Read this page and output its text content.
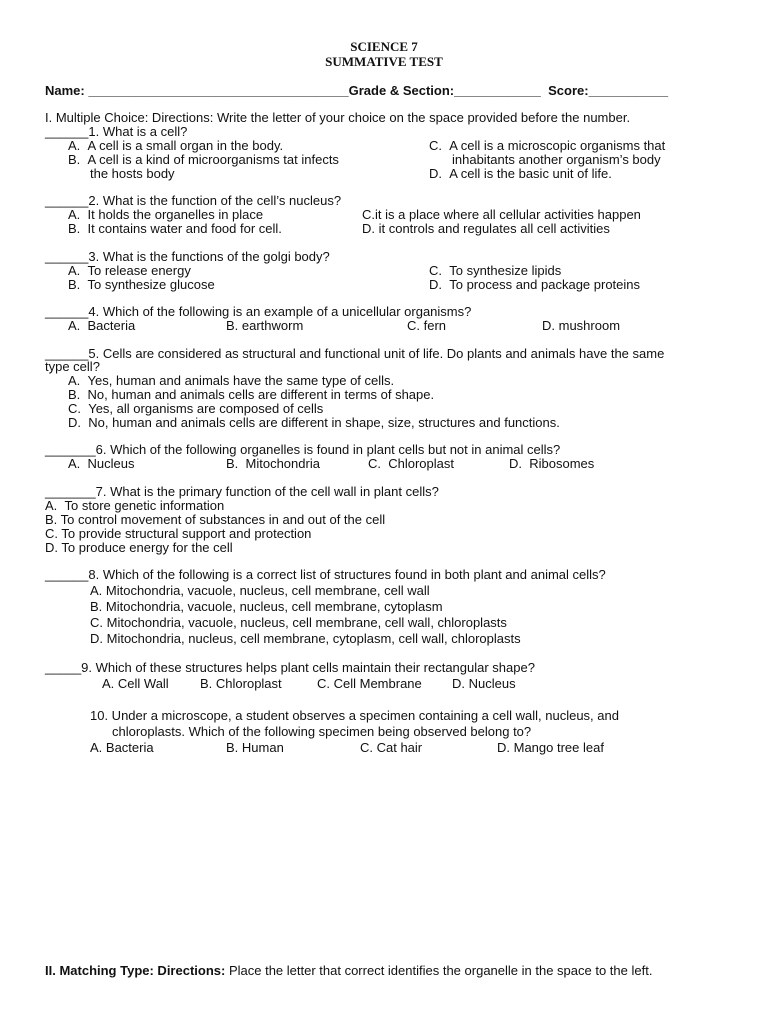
SCIENCE 7
SUMMATIVE TEST
Name: ____________________________________Grade & Section:____________ Score:___________
I. Multiple Choice: Directions: Write the letter of your choice on the space provided before the number.
______1. What is a cell?
A.  A cell is a small organ in the body.
B.  A cell is a kind of microorganisms tat infects
the hosts body
C.  A cell is a microscopic organisms that
inhabitants another organism’s body
D.  A cell is the basic unit of life.
______2. What is the function of the cell’s nucleus?
A.  It holds the organelles in place
B.  It contains water and food for cell.
C.it is a place where all cellular activities happen
D. it controls and regulates all cell activities
______3. What is the functions of the golgi body?
A.  To release energy
B.  To synthesize glucose
C.  To synthesize lipids
D.  To process and package proteins
______4. Which of the following is an example of a unicellular organisms?
A.  Bacteria	B. earthworm	C. fern	D. mushroom
______5. Cells are considered as structural and functional unit of life. Do plants and animals have the same
type cell?
A.  Yes, human and animals have the same type of cells.
B.  No, human and animals cells are different in terms of shape.
C.  Yes, all organisms are composed of cells
D.  No, human and animals cells are different in shape, size, structures and functions.
_______6. Which of the following organelles is found in plant cells but not in animal cells?
A.  Nucleus	B.  Mitochondria	C.  Chloroplast	D.  Ribosomes
_______7. What is the primary function of the cell wall in plant cells?
A.  To store genetic information
B. To control movement of substances in and out of the cell
C. To provide structural support and protection
D. To produce energy for the cell
______8. Which of the following is a correct list of structures found in both plant and animal cells?
A. Mitochondria, vacuole, nucleus, cell membrane, cell wall
B. Mitochondria, vacuole, nucleus, cell membrane, cytoplasm
C. Mitochondria, vacuole, nucleus, cell membrane, cell wall, chloroplasts
D. Mitochondria, nucleus, cell membrane, cytoplasm, cell wall, chloroplasts
_____9. Which of these structures helps plant cells maintain their rectangular shape?
A. Cell Wall B. Chloroplast	C. Cell Membrane D. Nucleus
10. Under a microscope, a student observes a specimen containing a cell wall, nucleus, and
chloroplasts. Which of the following specimen being observed belong to?
A. Bacteria	B. Human	C. Cat hair	D. Mango tree leaf
II. Matching Type: Directions: Place the letter that correct identifies the organelle in the space to the left.
